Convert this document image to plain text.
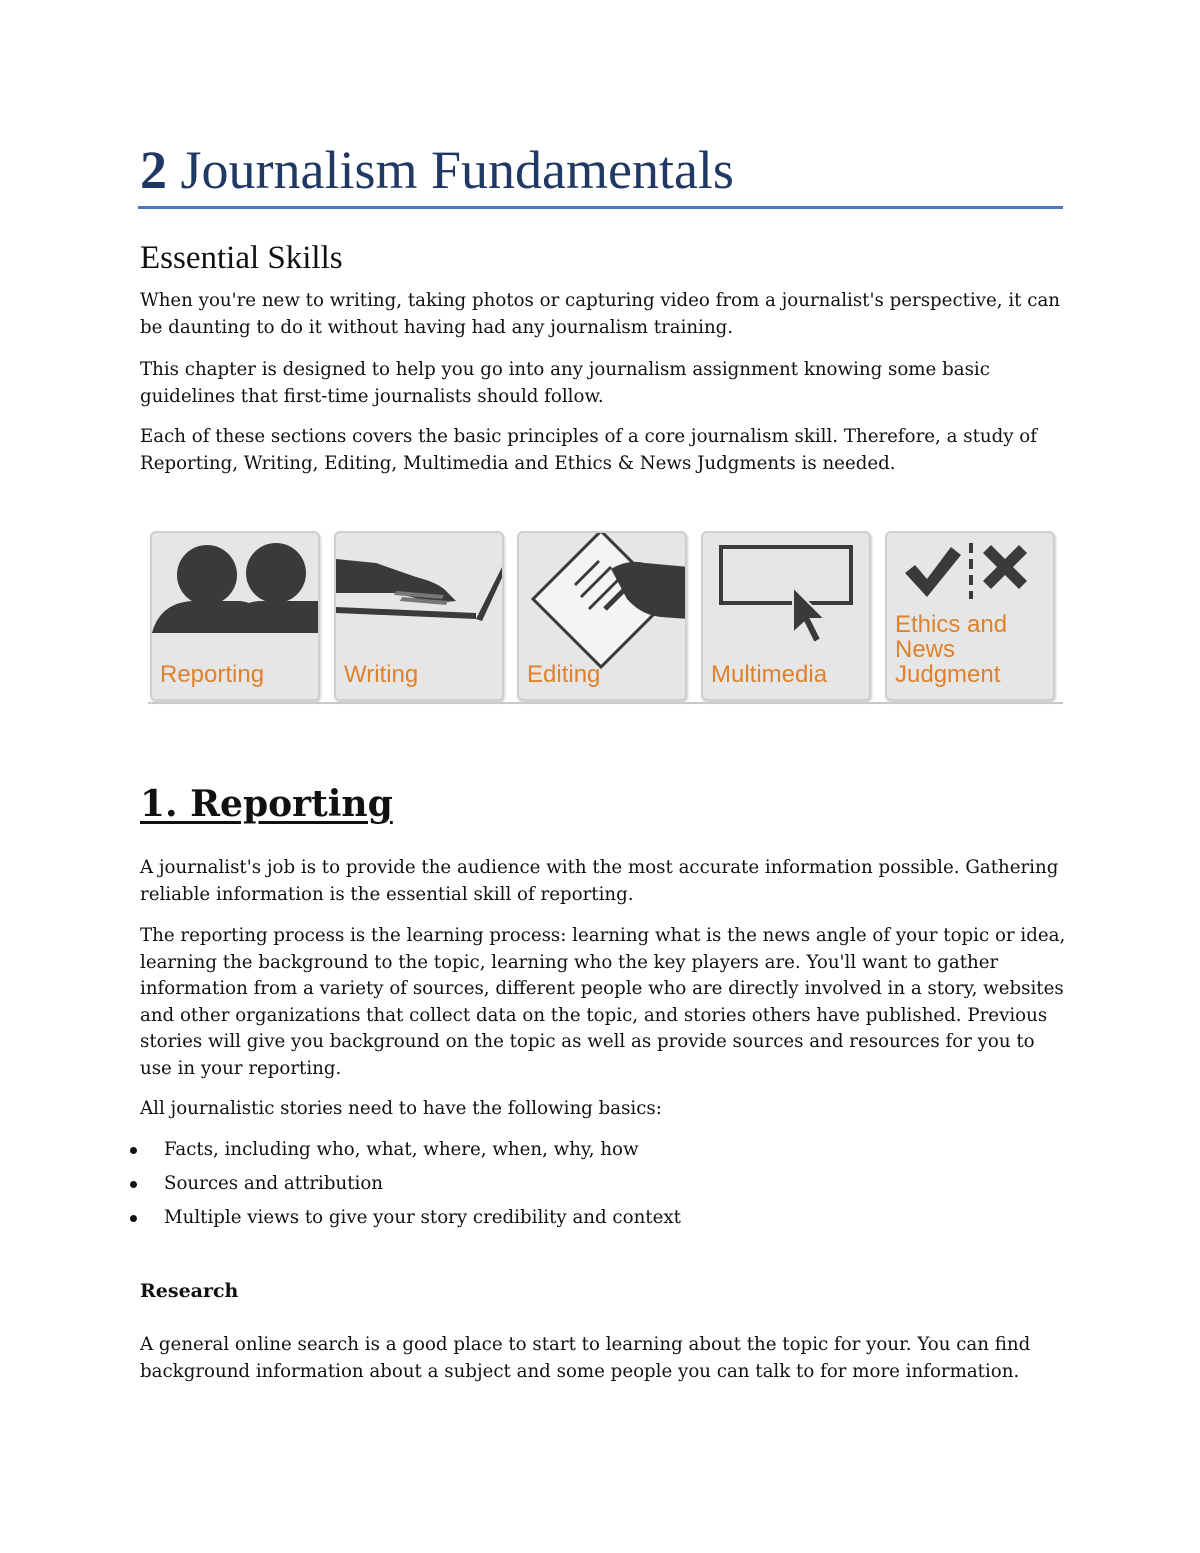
2 Journalism Fundamentals
Essential Skills

When you're new to writing, taking photos or capturing video from a journalist's perspective, it can be daunting to do it without having had any journalism training.

This chapter is designed to help you go into any journalism assignment knowing some basic guidelines that first-time journalists should follow.

Each of these sections covers the basic principles of a core journalism skill. Therefore, a study of Reporting, Writing, Editing, Multimedia and Ethics & News Judgments is needed.

Reporting	Writing	Editing	Multimedia
Ethics and
News
Judgment
1. Reporting

A journalist's job is to provide the audience with the most accurate information possible. Gathering reliable information is the essential skill of reporting.

The reporting process is the learning process: learning what is the news angle of your topic or idea, learning the background to the topic, learning who the key players are. You'll want to gather information from a variety of sources, different people who are directly involved in a story, websites and other organizations that collect data on the topic, and stories others have published. Previous stories will give you background on the topic as well as provide sources and resources for you to use in your reporting.

All journalistic stories need to have the following basics:

Facts, including who, what, where, when, why, how
Sources and attribution
Multiple views to give your story credibility and context
Research

A general online search is a good place to start to learning about the topic for your. You can find background information about a subject and some people you can talk to for more information.
